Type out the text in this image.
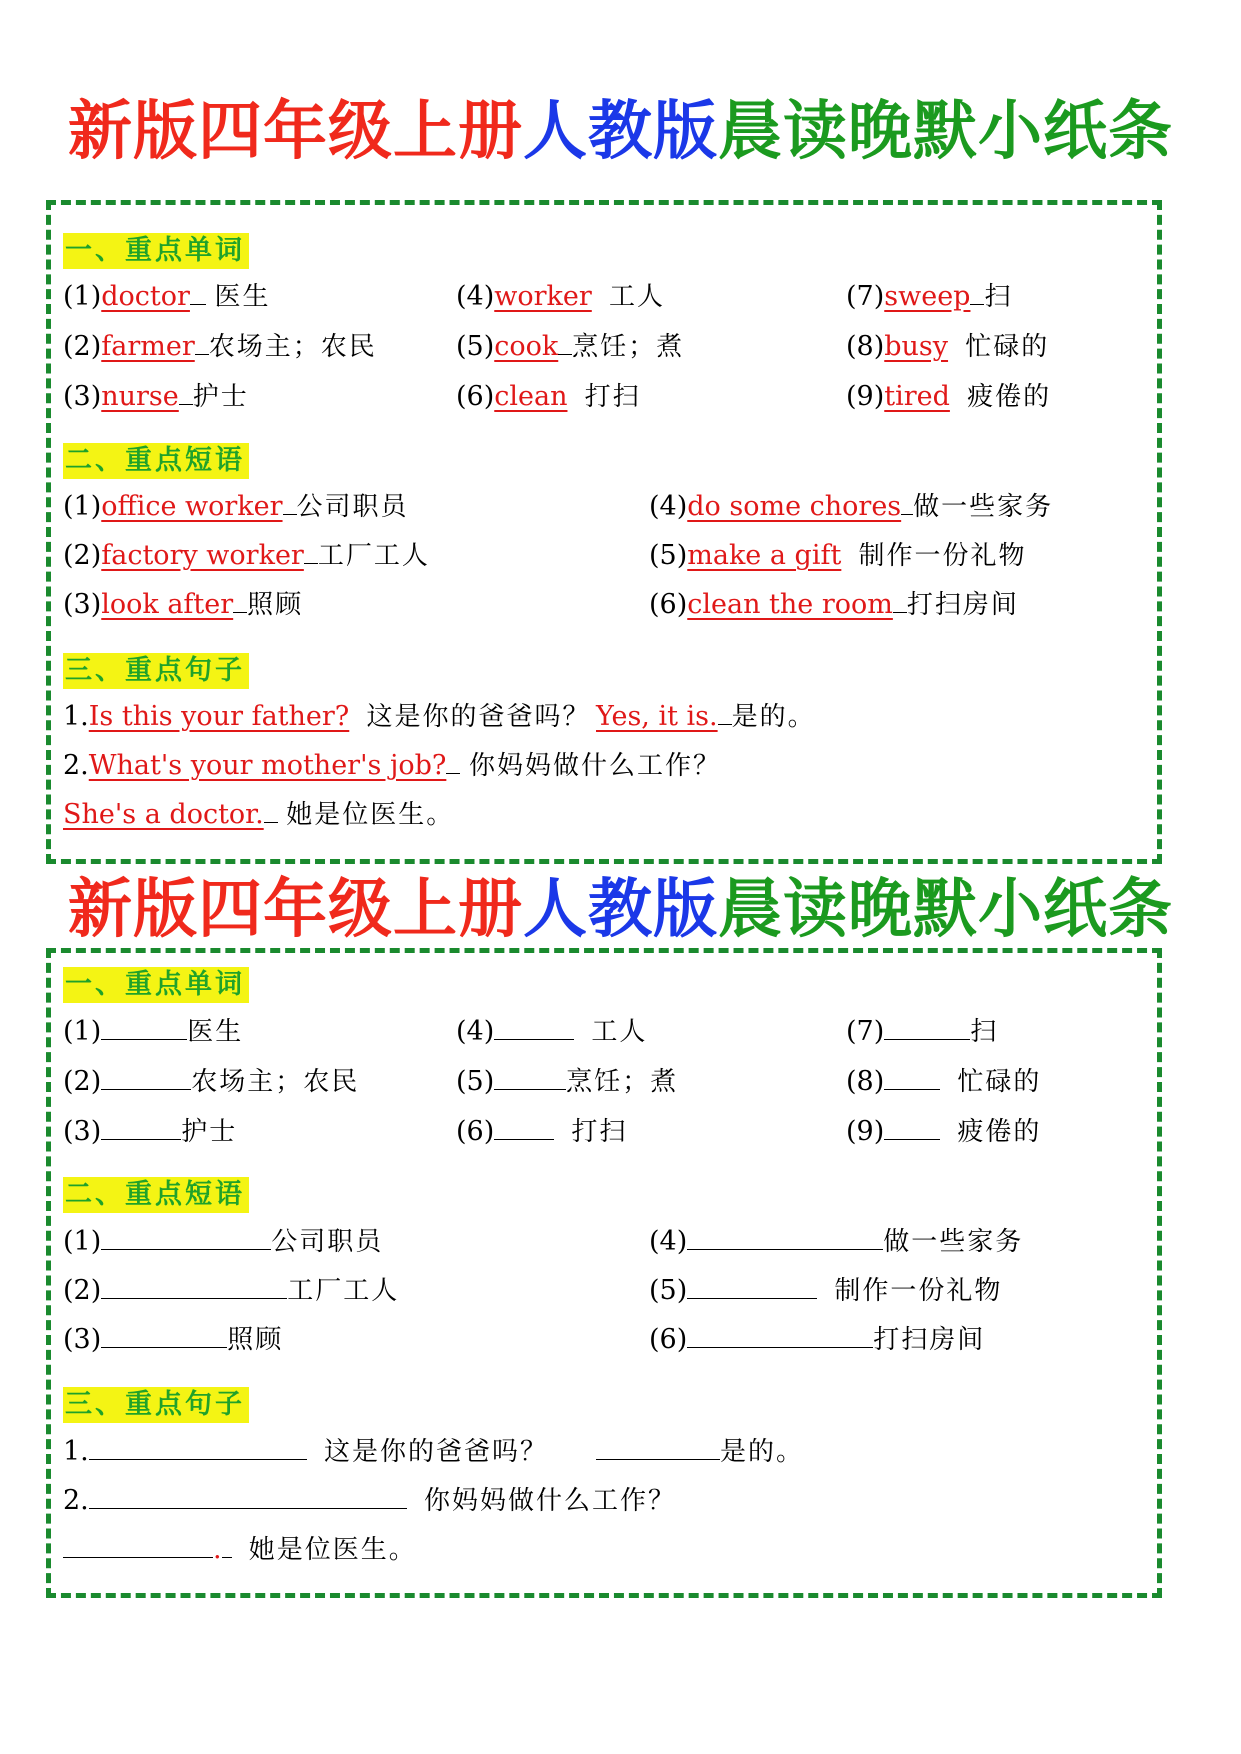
新版四年级上册人教版晨读晚默小纸条
一、重点单词
(1)doctor 医生	(4)worker 工人	(7)sweep 扫
(2)farmer 农场主；农民	(5)cook 烹饪；煮	(8)busy 忙碌的
(3)nurse 护士	(6)clean 打扫	(9)tired 疲倦的
二、重点短语
(1)office worker 公司职员	(4)do some chores 做一些家务
(2)factory worker 工厂工人	(5)make a gift 制作一份礼物
(3)look after 照顾	(6)clean the room 打扫房间
三、重点句子
1.Is this your father? 这是你的爸爸吗？ Yes, it is. 是的。
2.What's your mother's job? 你妈妈做什么工作？
She's a doctor. 她是位医生。
新版四年级上册人教版晨读晚默小纸条
一、重点单词
(1)	医生	(4)	工人	(7)	扫
(2)	农场主；农民	(5)	烹饪；煮	(8)	忙碌的
(3)	护士	(6)	打扫	(9)	疲倦的
二、重点短语
(1)	公司职员	(4)	做一些家务
(2)	工厂工人	(5)	制作一份礼物
(3)	照顾	(6)	打扫房间
三、重点句子
1.	这是你的爸爸吗？	是的。
2.	你妈妈做什么工作？
. 她是位医生。
